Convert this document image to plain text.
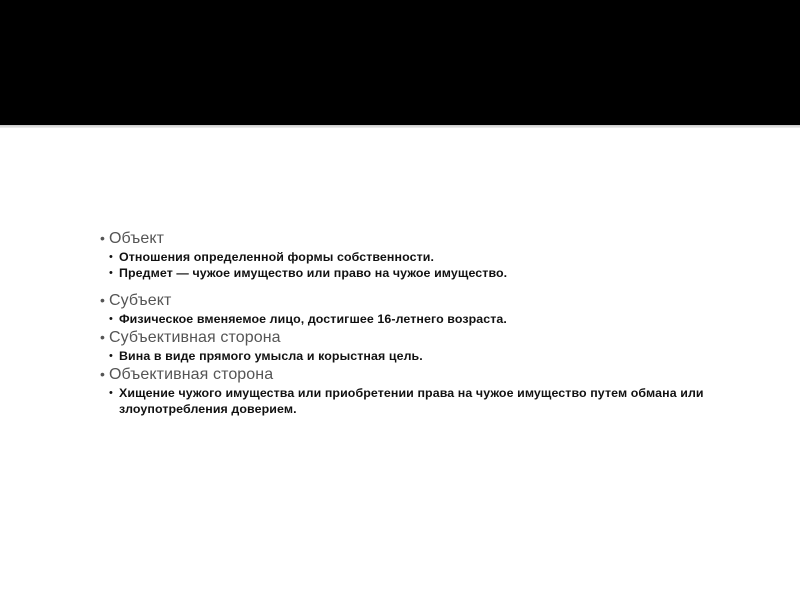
• Объект
• Отношения определенной формы собственности.
• Предмет — чужое имущество или право на чужое имущество.
• Субъект
• Физическое вменяемое лицо, достигшее 16-летнего возраста.
• Субъективная сторона
• Вина в виде прямого умысла и корыстная цель.
• Объективная сторона
• Хищение чужого имущества или приобретении права на чужое имущество путем обмана или злоупотребления доверием.
